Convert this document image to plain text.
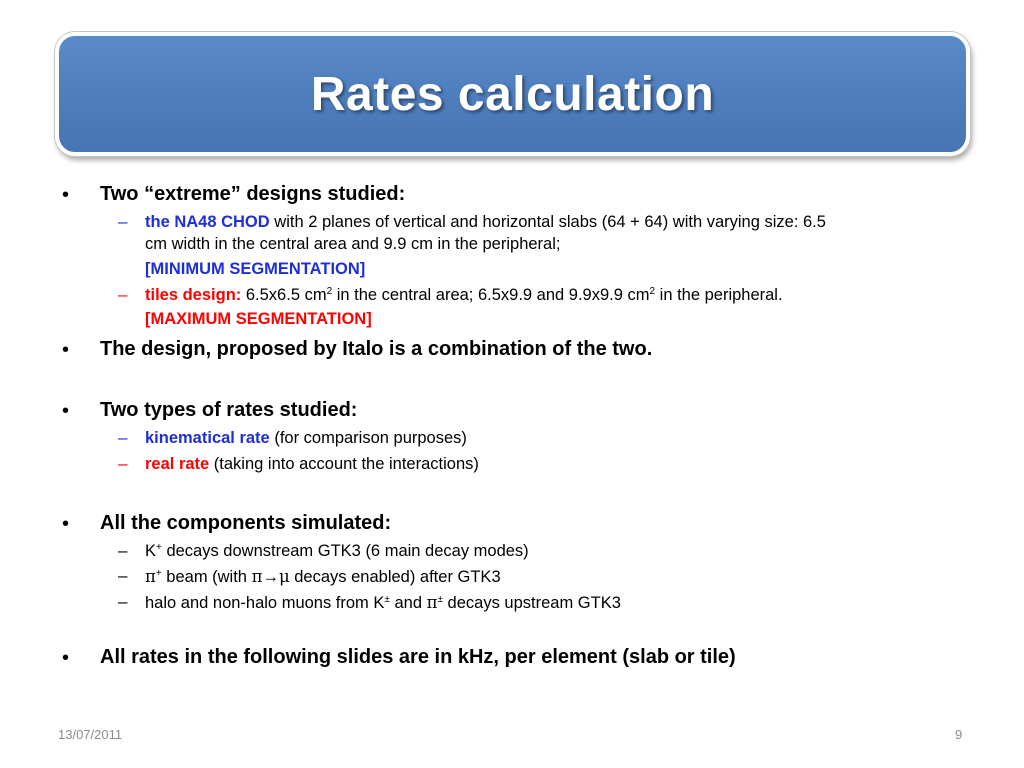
Rates calculation
• Two “extreme” designs studied:
– the NA48 CHOD with 2 planes of vertical and horizontal slabs (64 + 64) with varying size: 6.5
cm width in the central area and 9.9 cm in the peripheral;
[MINIMUM SEGMENTATION]
– tiles design: 6.5x6.5 $cm^2$ in the central area; 6.5x9.9 and 9.9x9.9 $cm^2$ in the peripheral.
[MAXIMUM SEGMENTATION]
• The design, proposed by Italo is a combination of the two.
• Two types of rates studied:
– kinematical rate (for comparison purposes)
– real rate (taking into account the interactions)
• All the components simulated:
– K+ decays downstream GTK3 (6 main decay modes)
– π+ beam (with π→μ decays enabled) after GTK3
– halo and non-halo muons from K± and π± decays upstream GTK3
• All rates in the following slides are in kHz, per element (slab or tile)
13/07/2011	9
